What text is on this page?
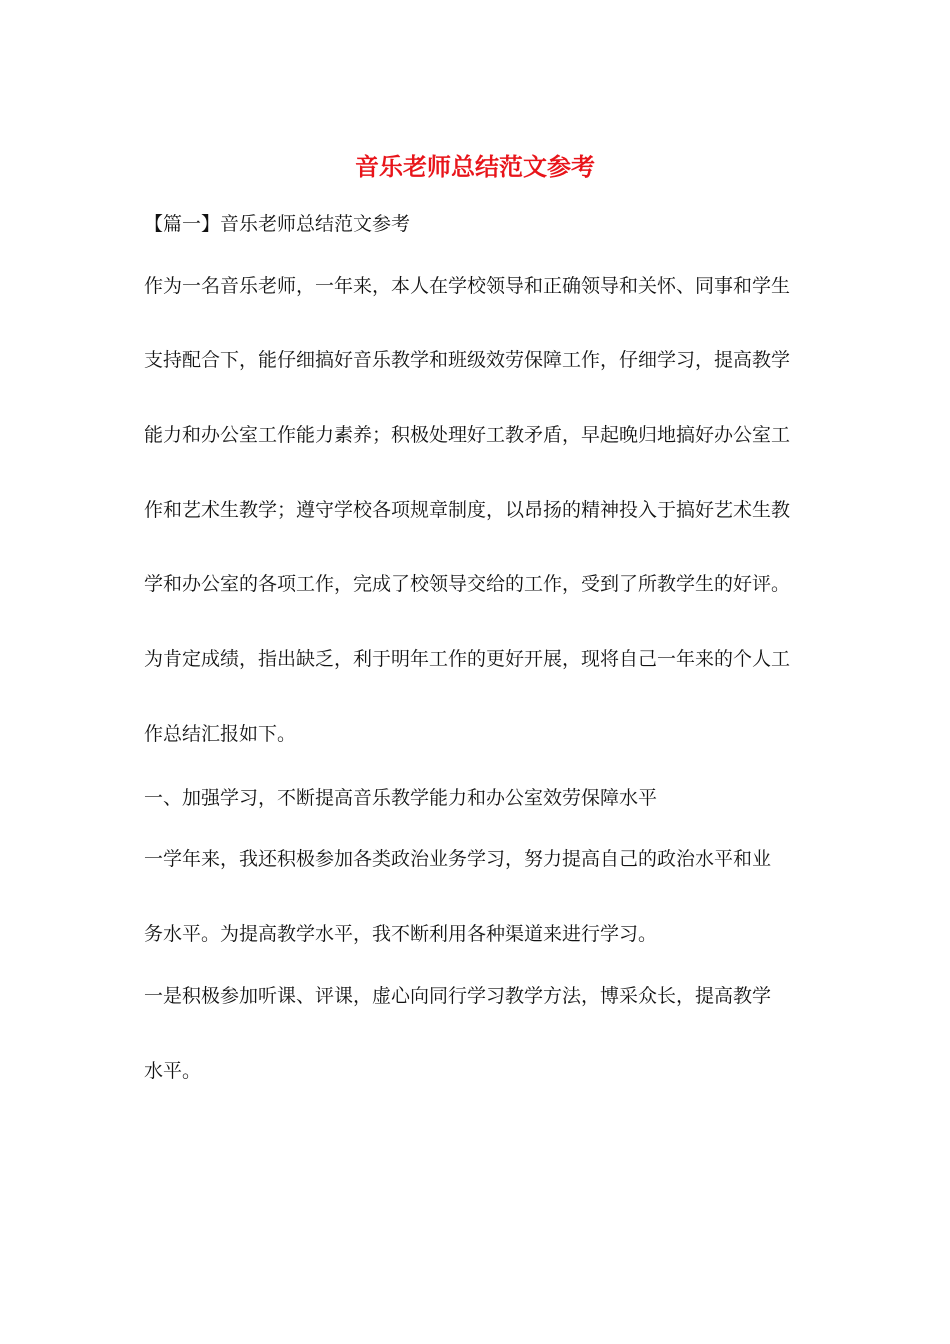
音乐老师总结范文参考

【篇一】音乐老师总结范文参考

作为一名音乐老师，一年来，本人在学校领导和正确领导和关怀、同事和学生

支持配合下，能仔细搞好音乐教学和班级效劳保障工作，仔细学习，提高教学

能力和办公室工作能力素养；积极处理好工教矛盾，早起晚归地搞好办公室工

作和艺术生教学；遵守学校各项规章制度，以昂扬的精神投入于搞好艺术生教

学和办公室的各项工作，完成了校领导交给的工作，受到了所教学生的好评。

为肯定成绩，指出缺乏，利于明年工作的更好开展，现将自己一年来的个人工

作总结汇报如下。

一、加强学习，不断提高音乐教学能力和办公室效劳保障水平

一学年来，我还积极参加各类政治业务学习，努力提高自己的政治水平和业

务水平。为提高教学水平，我不断利用各种渠道来进行学习。

一是积极参加听课、评课，虚心向同行学习教学方法，博采众长，提高教学

水平。
